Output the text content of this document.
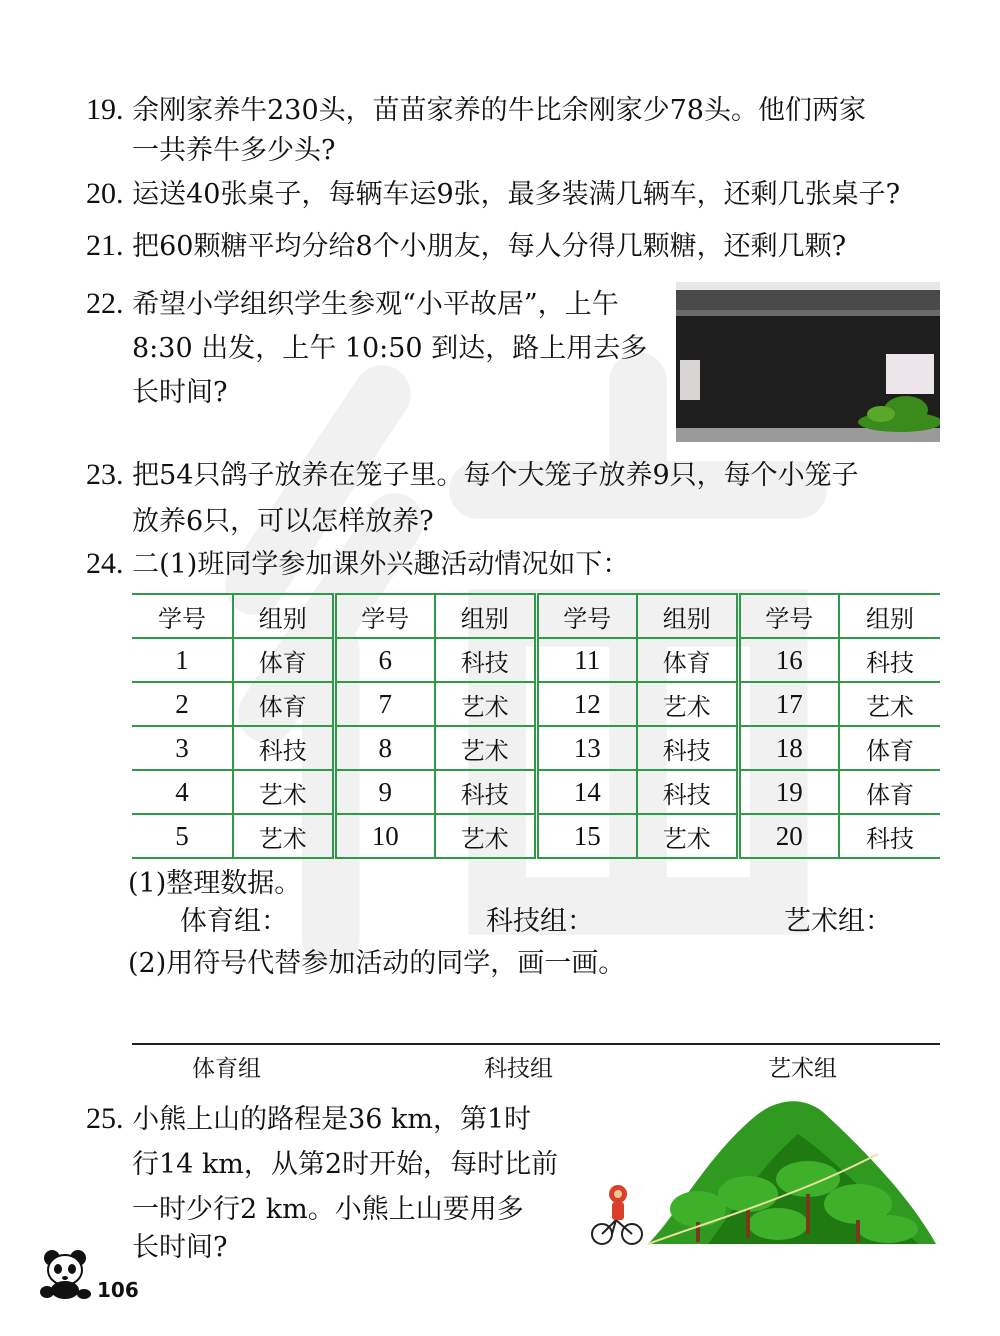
19. 余刚家养牛230头，苗苗家养的牛比余刚家少78头。他们两家
一共养牛多少头?
20. 运送40张桌子，每辆车运9张，最多装满几辆车，还剩几张桌子?
21. 把60颗糖平均分给8个小朋友，每人分得几颗糖，还剩几颗?
22. 希望小学组织学生参观“小平故居”，上午
8:30 出发，上午 10:50 到达，路上用去多
长时间?
23. 把54只鸽子放养在笼子里。每个大笼子放养9只，每个小笼子
放养6只，可以怎样放养?
24. 二(1)班同学参加课外兴趣活动情况如下：
学号	组别	学号	组别	学号	组别	学号	组别
1	体育	6	科技	11	体育	16	科技
2	体育	7	艺术	12	艺术	17	艺术
3	科技	8	艺术	13	科技	18	体育
4	艺术	9	科技	14	科技	19	体育
5	艺术	10	艺术	15	艺术	20	科技
(1)整理数据。
体育组：	科技组：	艺术组：
(2)用符号代替参加活动的同学，画一画。
体育组	科技组	艺术组
25. 小熊上山的路程是36 km，第1时
行14 km，从第2时开始，每时比前
一时少行2 km。小熊上山要用多
长时间?
106
